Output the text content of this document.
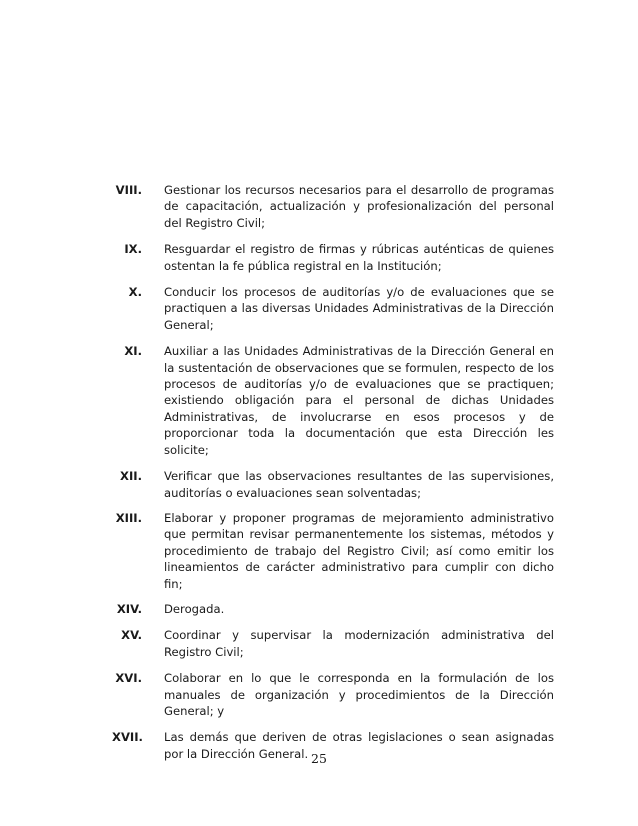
VIII. Gestionar los recursos necesarios para el desarrollo de programas de capacitación, actualización y profesionalización del personal del Registro Civil;
IX. Resguardar el registro de firmas y rúbricas auténticas de quienes ostentan la fe pública registral en la Institución;
X. Conducir los procesos de auditorías y/o de evaluaciones que se practiquen a las diversas Unidades Administrativas de la Dirección General;
XI. Auxiliar a las Unidades Administrativas de la Dirección General en la sustentación de observaciones que se formulen, respecto de los procesos de auditorías y/o de evaluaciones que se practiquen; existiendo obligación para el personal de dichas Unidades Administrativas, de involucrarse en esos procesos y de proporcionar toda la documentación que esta Dirección les solicite;
XII. Verificar que las observaciones resultantes de las supervisiones, auditorías o evaluaciones sean solventadas;
XIII. Elaborar y proponer programas de mejoramiento administrativo que permitan revisar permanentemente los sistemas, métodos y procedimiento de trabajo del Registro Civil; así como emitir los lineamientos de carácter administrativo para cumplir con dicho fin;
XIV. Derogada.
XV. Coordinar y supervisar la modernización administrativa del Registro Civil;
XVI. Colaborar en lo que le corresponda en la formulación de los manuales de organización y procedimientos de la Dirección General; y
XVII. Las demás que deriven de otras legislaciones o sean asignadas por la Dirección General. 25
